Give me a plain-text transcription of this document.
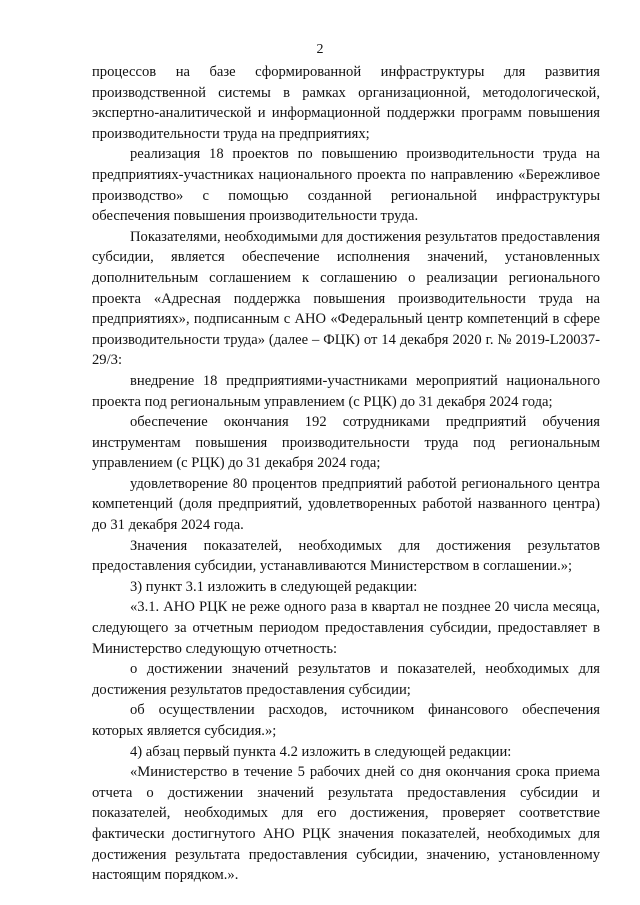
2

процессов на базе сформированной инфраструктуры для развития производственной системы в рамках организационной, методологической, экспертно-аналитической и информационной поддержки программ повышения производительности труда на предприятиях;

реализация 18 проектов по повышению производительности труда на предприятиях-участниках национального проекта по направлению «Бережливое производство» с помощью созданной региональной инфраструктуры обеспечения повышения производительности труда.

Показателями, необходимыми для достижения результатов предоставления субсидии, является обеспечение исполнения значений, установленных дополнительным соглашением к соглашению о реализации регионального проекта «Адресная поддержка повышения производительности труда на предприятиях», подписанным с АНО «Федеральный центр компетенций в сфере производительности труда» (далее – ФЦК) от 14 декабря 2020 г. № 2019-L20037-29/3:

внедрение 18 предприятиями-участниками мероприятий национального проекта под региональным управлением (с РЦК) до 31 декабря 2024 года;

обеспечение окончания 192 сотрудниками предприятий обучения инструментам повышения производительности труда под региональным управлением (с РЦК) до 31 декабря 2024 года;

удовлетворение 80 процентов предприятий работой регионального центра компетенций (доля предприятий, удовлетворенных работой названного центра) до 31 декабря 2024 года.

Значения показателей, необходимых для достижения результатов предоставления субсидии, устанавливаются Министерством в соглашении.»;

3) пункт 3.1 изложить в следующей редакции:

«3.1. АНО РЦК не реже одного раза в квартал не позднее 20 числа месяца, следующего за отчетным периодом предоставления субсидии, предоставляет в Министерство следующую отчетность:

о достижении значений результатов и показателей, необходимых для достижения результатов предоставления субсидии;

об осуществлении расходов, источником финансового обеспечения которых является субсидия.»;

4) абзац первый пункта 4.2 изложить в следующей редакции:

«Министерство в течение 5 рабочих дней со дня окончания срока приема отчета о достижении значений результата предоставления субсидии и показателей, необходимых для его достижения, проверяет соответствие фактически достигнутого АНО РЦК значения показателей, необходимых для достижения результата предоставления субсидии, значению, установленному настоящим порядком.».
